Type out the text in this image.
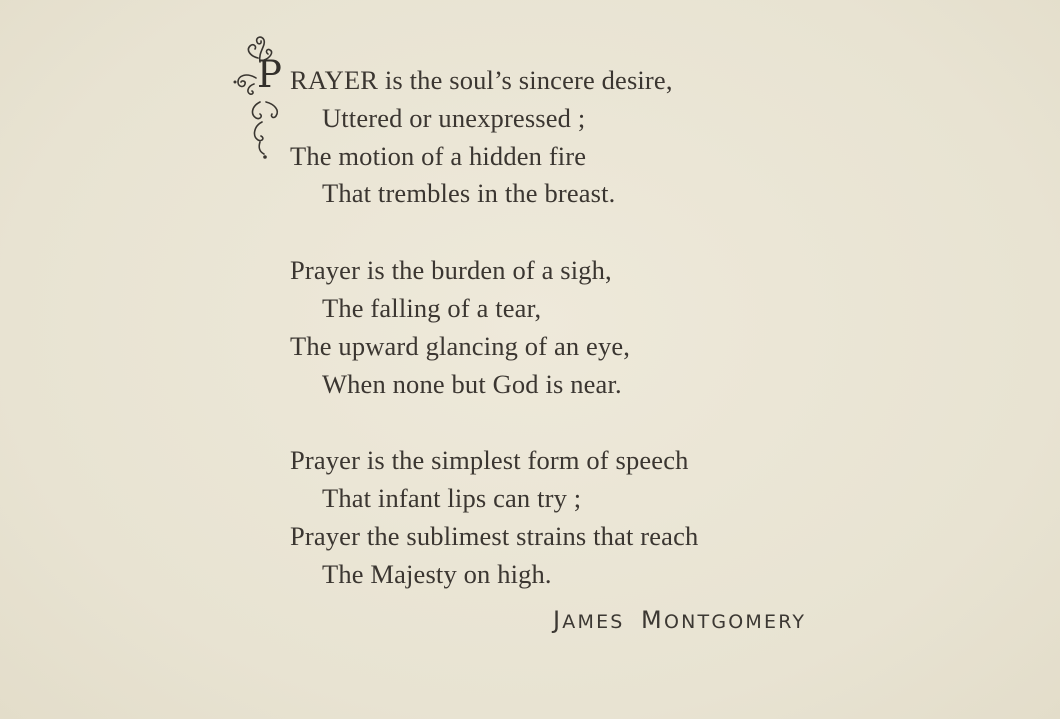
P RAYER is the soul’s sincere desire,
Uttered or unexpressed ;
The motion of a hidden fire
That trembles in the breast.
Prayer is the burden of a sigh,
The falling of a tear,
The upward glancing of an eye,
When none but God is near.
Prayer is the simplest form of speech
That infant lips can try ;
Prayer the sublimest strains that reach
The Majesty on high.
JAMES MONTGOMERY
